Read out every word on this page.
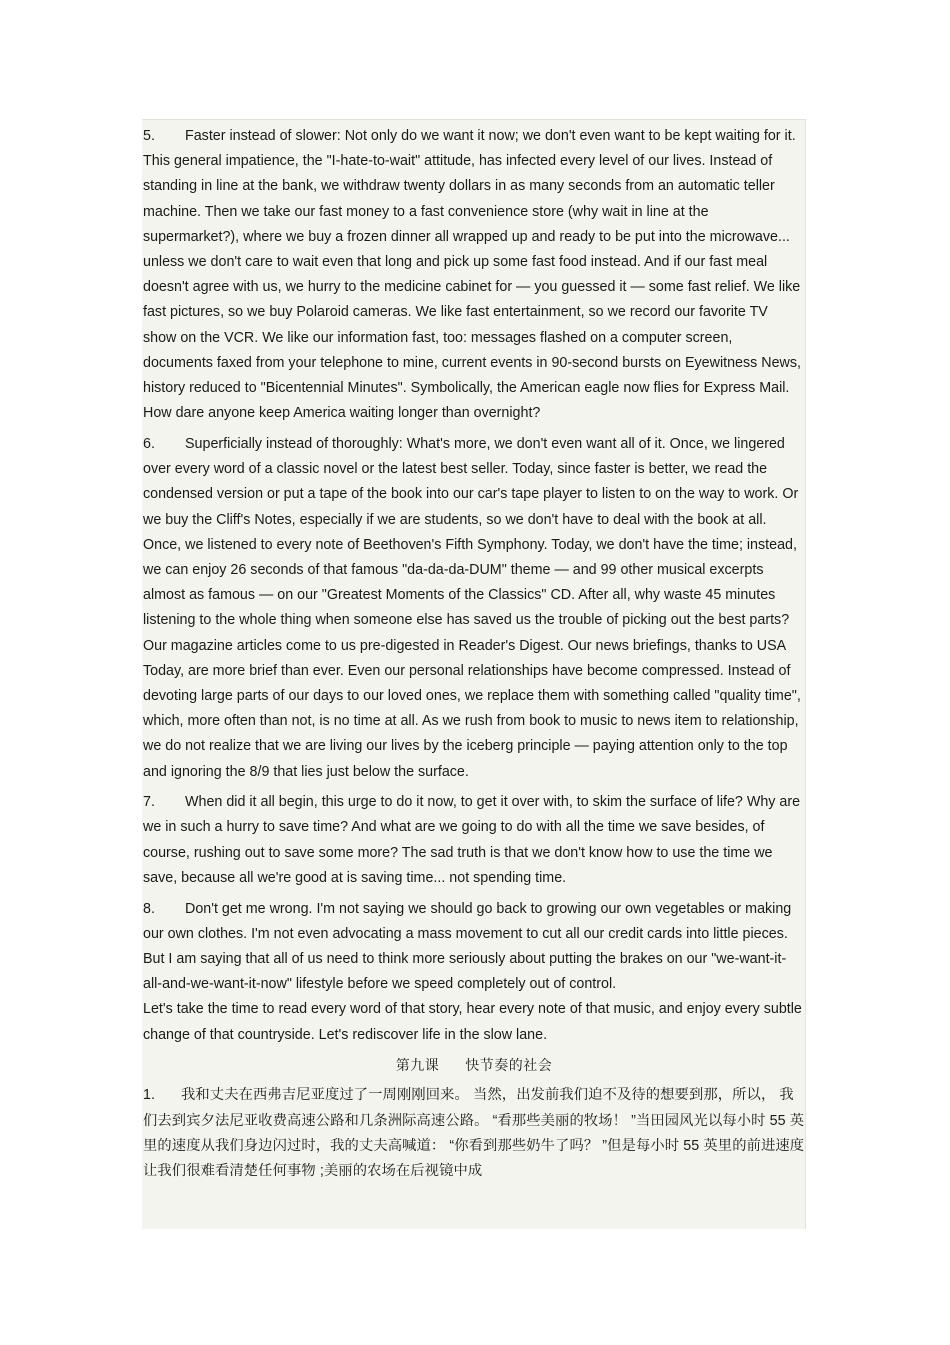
5. Faster instead of slower: Not only do we want it now; we don't even want to be kept waiting for it. This general impatience, the "I-hate-to-wait" attitude, has infected every level of our lives. Instead of standing in line at the bank, we withdraw twenty dollars in as many seconds from an automatic teller machine. Then we take our fast money to a fast convenience store (why wait in line at the supermarket?), where we buy a frozen dinner all wrapped up and ready to be put into the microwave... unless we don't care to wait even that long and pick up some fast food instead. And if our fast meal doesn't agree with us, we hurry to the medicine cabinet for — you guessed it — some fast relief. We like fast pictures, so we buy Polaroid cameras. We like fast entertainment, so we record our favorite TV show on the VCR. We like our information fast, too: messages flashed on a computer screen, documents faxed from your telephone to mine, current events in 90-second bursts on Eyewitness News, history reduced to "Bicentennial Minutes". Symbolically, the American eagle now flies for Express Mail. How dare anyone keep America waiting longer than overnight?

6. Superficially instead of thoroughly: What's more, we don't even want all of it. Once, we lingered over every word of a classic novel or the latest best seller. Today, since faster is better, we read the condensed version or put a tape of the book into our car's tape player to listen to on the way to work. Or we buy the Cliff's Notes, especially if we are students, so we don't have to deal with the book at all. Once, we listened to every note of Beethoven's Fifth Symphony. Today, we don't have the time; instead, we can enjoy 26 seconds of that famous "da-da-da-DUM" theme — and 99 other musical excerpts almost as famous — on our "Greatest Moments of the Classics" CD. After all, why waste 45 minutes listening to the whole thing when someone else has saved us the trouble of picking out the best parts? Our magazine articles come to us pre-digested in Reader's Digest. Our news briefings, thanks to USA Today, are more brief than ever. Even our personal relationships have become compressed. Instead of devoting large parts of our days to our loved ones, we replace them with something called "quality time", which, more often than not, is no time at all. As we rush from book to music to news item to relationship, we do not realize that we are living our lives by the iceberg principle — paying attention only to the top and ignoring the 8/9 that lies just below the surface.

7. When did it all begin, this urge to do it now, to get it over with, to skim the surface of life? Why are we in such a hurry to save time? And what are we going to do with all the time we save besides, of course, rushing out to save some more? The sad truth is that we don't know how to use the time we save, because all we're good at is saving time... not spending time.

8. Don't get me wrong. I'm not saying we should go back to growing our own vegetables or making our own clothes. I'm not even advocating a mass movement to cut all our credit cards into little pieces. But I am saying that all of us need to think more seriously about putting the brakes on our "we-want-it-all-and-we-want-it-now" lifestyle before we speed completely out of control.

Let's take the time to read every word of that story, hear every note of that music, and enjoy every subtle change of that countryside. Let's rediscover life in the slow lane.

第九课 快节奏的社会

1. 我和丈夫在西弗吉尼亚度过了一周刚刚回来。 当然，出发前我们迫不及待的想要到那，所以， 我们去到宾夕法尼亚收费高速公路和几条洲际高速公路。 “看那些美丽的牧场！ ”当田园风光以每小时 55 英里的速度从我们身边闪过时，我的丈夫高喊道： “你看到那些奶牛了吗？ ”但是每小时 55 英里的前进速度让我们很难看清楚任何事物 ;美丽的农场在后视镜中成
